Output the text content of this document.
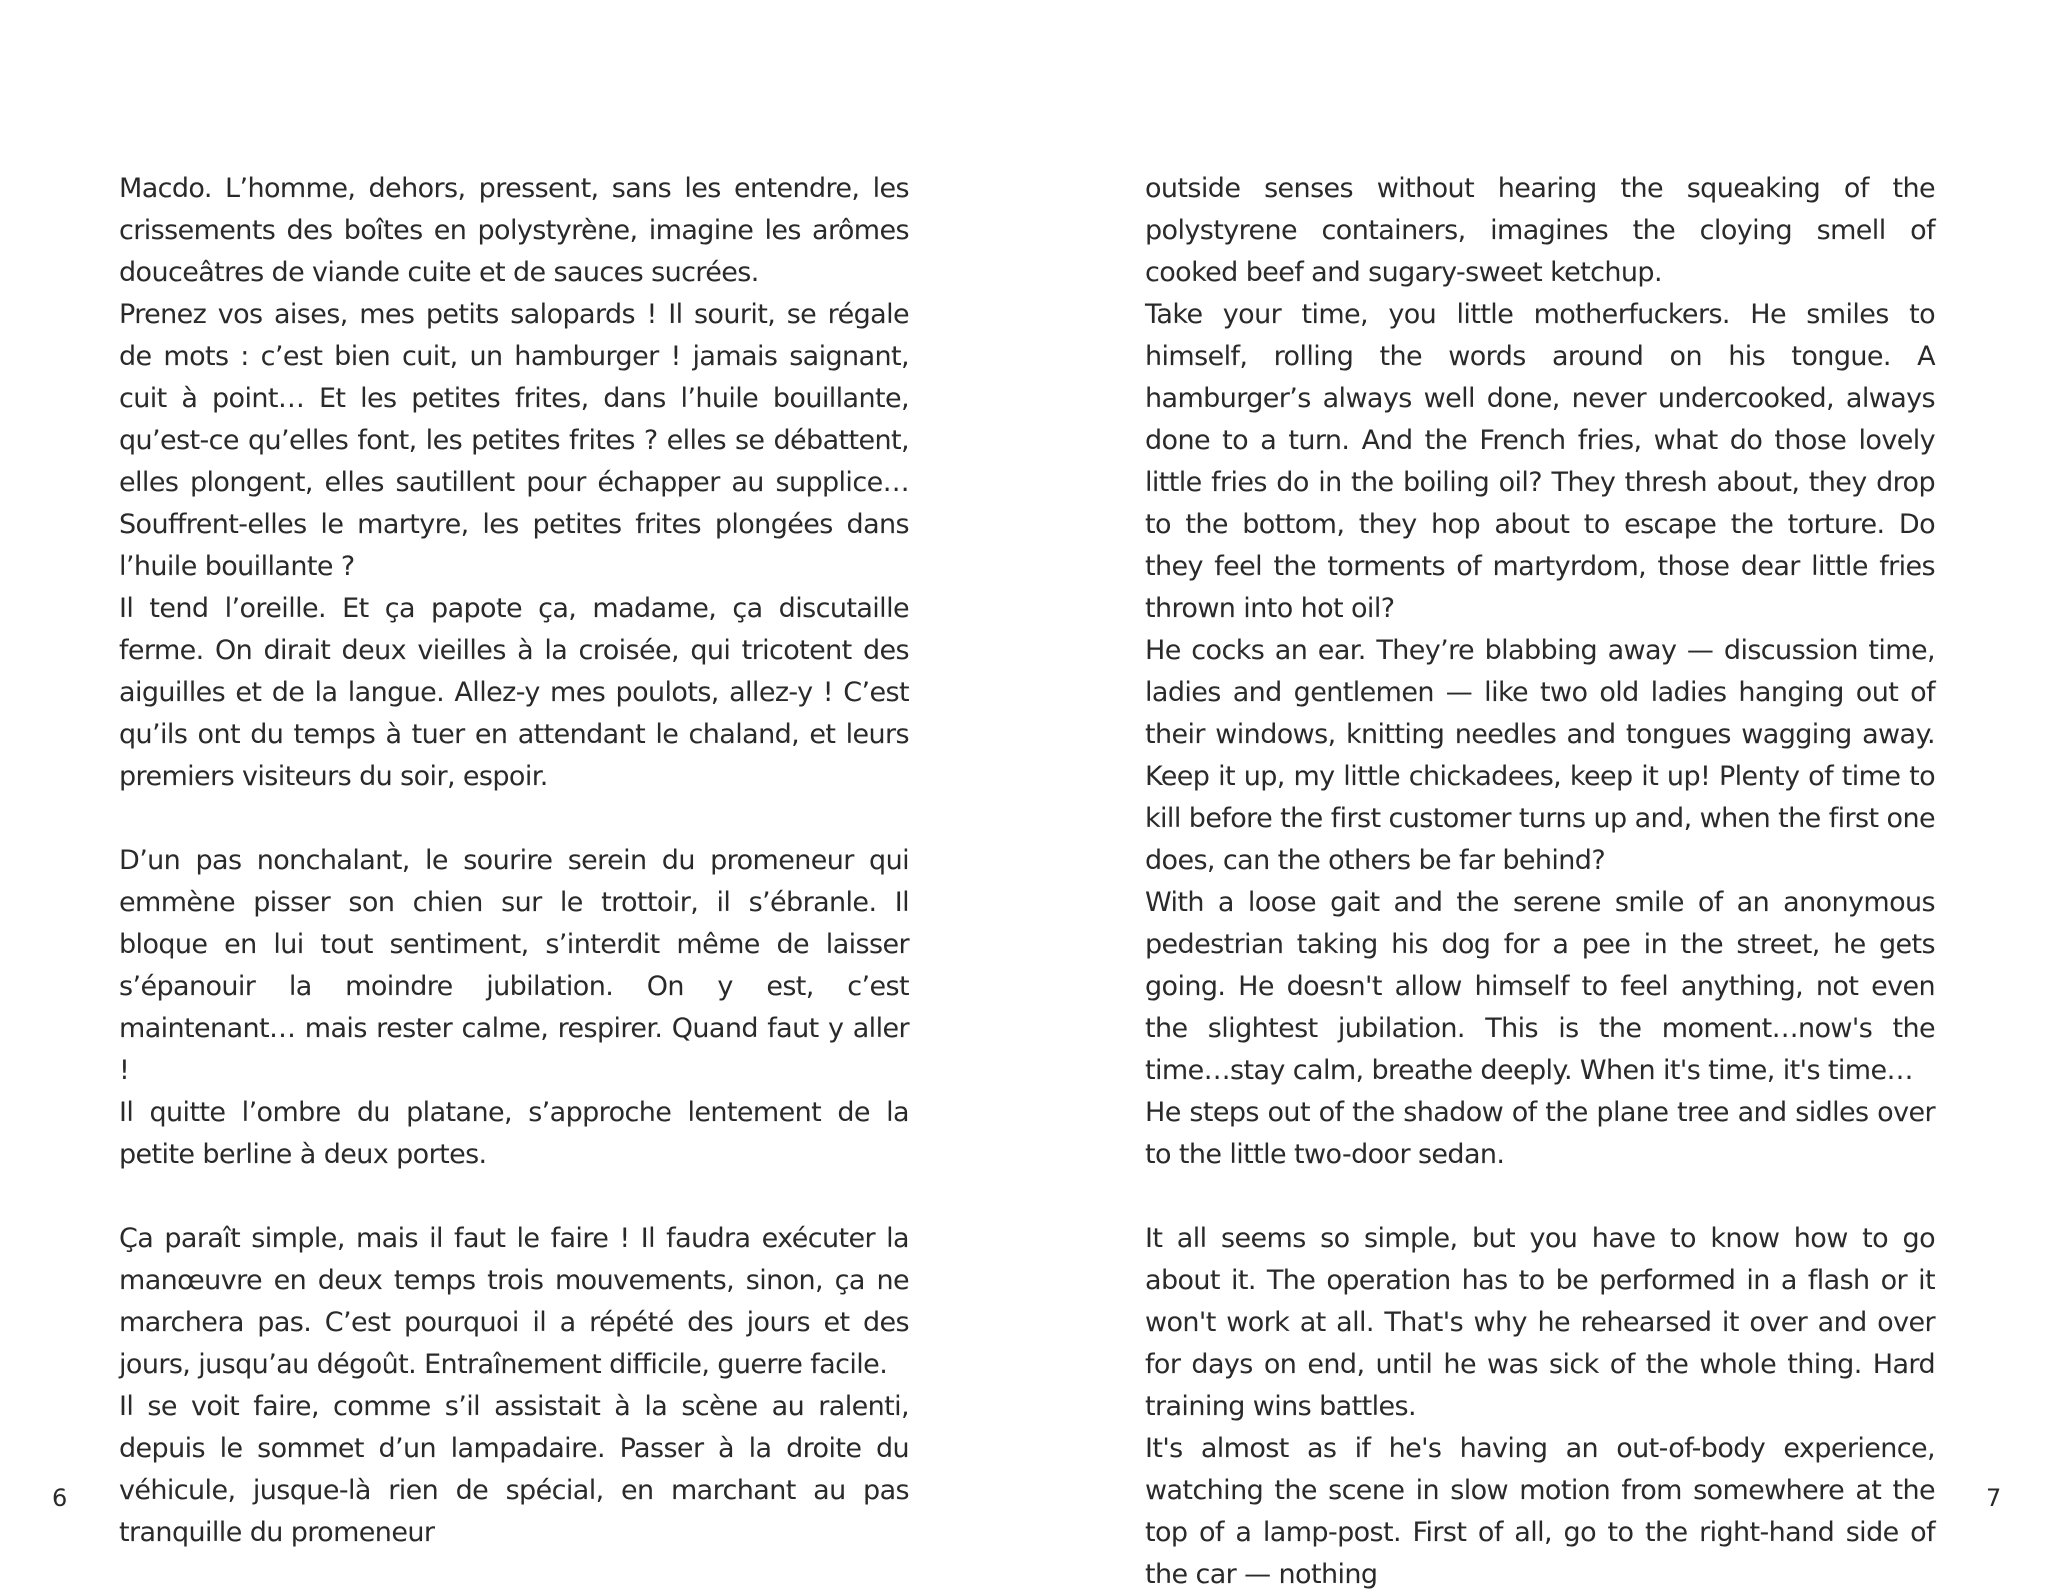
Macdo. L’homme, dehors, pressent, sans les entendre, les crissements des boîtes en polystyrène, imagine les arômes douceâtres de viande cuite et de sauces sucrées.

Prenez vos aises, mes petits salopards ! Il sourit, se régale de mots : c’est bien cuit, un hamburger ! jamais saignant, cuit à point… Et les petites frites, dans l’huile bouillante, qu’est-ce qu’elles font, les petites frites ? elles se débattent, elles plongent, elles sautillent pour échapper au supplice… Souffrent-elles le martyre, les petites frites plongées dans l’huile bouillante ?

Il tend l’oreille. Et ça papote ça, madame, ça discutaille ferme. On dirait deux vieilles à la croisée, qui tricotent des aiguilles et de la langue. Allez-y mes poulots, allez-y ! C’est qu’ils ont du temps à tuer en attendant le chaland, et leurs premiers visiteurs du soir, espoir.

D’un pas nonchalant, le sourire serein du promeneur qui emmène pisser son chien sur le trottoir, il s’ébranle. Il bloque en lui tout sentiment, s’interdit même de laisser s’épanouir la moindre jubilation. On y est, c’est maintenant… mais rester calme, respirer. Quand faut y aller !

Il quitte l’ombre du platane, s’approche lentement de la petite berline à deux portes.

Ça paraît simple, mais il faut le faire ! Il faudra exécuter la manœuvre en deux temps trois mouvements, sinon, ça ne marchera pas. C’est pourquoi il a répété des jours et des jours, jusqu’au dégoût. Entraînement difficile, guerre facile.

Il se voit faire, comme s’il assistait à la scène au ralenti, depuis le sommet d’un lampadaire. Passer à la droite du véhicule, jusque-là rien de spécial, en marchant au pas tranquille du promeneur

6

outside senses without hearing the squeaking of the polystyrene containers, imagines the cloying smell of cooked beef and sugary-sweet ketchup.

Take your time, you little motherfuckers. He smiles to himself, rolling the words around on his tongue. A hamburger’s always well done, never undercooked, always done to a turn. And the French fries, what do those lovely little fries do in the boiling oil? They thresh about, they drop to the bottom, they hop about to escape the torture. Do they feel the torments of martyrdom, those dear little fries thrown into hot oil?

He cocks an ear. They’re blabbing away — discussion time, ladies and gentlemen — like two old ladies hanging out of their windows, knitting needles and tongues wagging away. Keep it up, my little chickadees, keep it up! Plenty of time to kill before the first customer turns up and, when the first one does, can the others be far behind?

With a loose gait and the serene smile of an anonymous pedestrian taking his dog for a pee in the street, he gets going. He doesn't allow himself to feel anything, not even the slightest jubilation. This is the moment…now's the time…stay calm, breathe deeply. When it's time, it's time…

He steps out of the shadow of the plane tree and sidles over to the little two-door sedan.

It all seems so simple, but you have to know how to go about it. The operation has to be performed in a flash or it won't work at all. That's why he rehearsed it over and over for days on end, until he was sick of the whole thing. Hard training wins battles.

It's almost as if he's having an out-of-body experience, watching the scene in slow motion from somewhere at the top of a lamp-post. First of all, go to the right-hand side of the car — nothing

7
